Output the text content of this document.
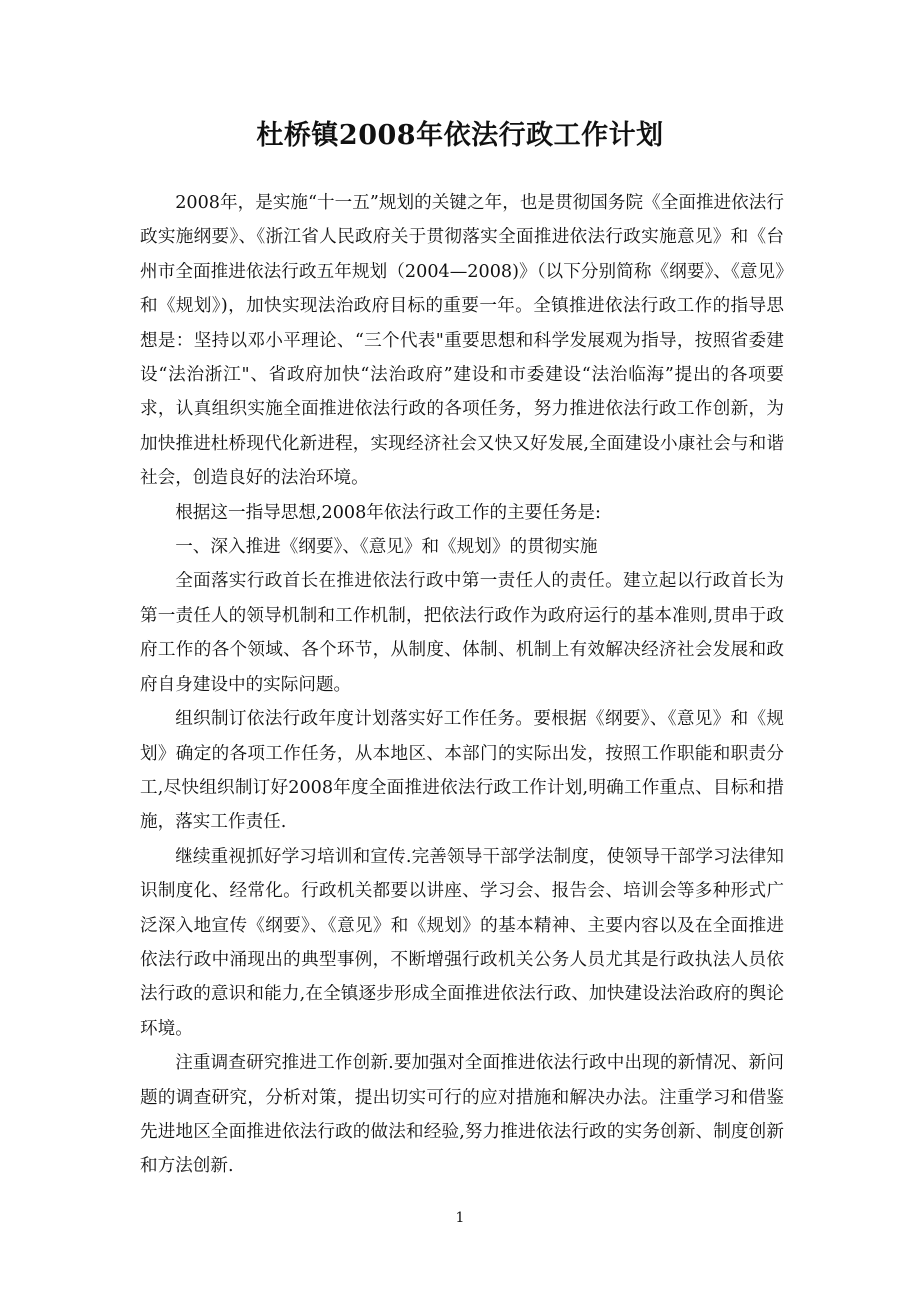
杜桥镇2008年依法行政工作计划

2008年，是实施“十一五”规划的关键之年，也是贯彻国务院《全面推进依法行政实施纲要》、《浙江省人民政府关于贯彻落实全面推进依法行政实施意见》和《台州市全面推进依法行政五年规划（2004—2008)》（以下分别简称《纲要》、《意见》和《规划》)，加快实现法治政府目标的重要一年。全镇推进依法行政工作的指导思想是：坚持以邓小平理论、“三个代表"重要思想和科学发展观为指导，按照省委建设“法治浙江"、省政府加快“法治政府”建设和市委建设“法治临海”提出的各项要求，认真组织实施全面推进依法行政的各项任务，努力推进依法行政工作创新，为加快推进杜桥现代化新进程，实现经济社会又快又好发展,全面建设小康社会与和谐社会，创造良好的法治环境。

根据这一指导思想,2008年依法行政工作的主要任务是:

一、深入推进《纲要》、《意见》和《规划》的贯彻实施

全面落实行政首长在推进依法行政中第一责任人的责任。建立起以行政首长为第一责任人的领导机制和工作机制，把依法行政作为政府运行的基本准则,贯串于政府工作的各个领域、各个环节，从制度、体制、机制上有效解决经济社会发展和政府自身建设中的实际问题。

组织制订依法行政年度计划落实好工作任务。要根据《纲要》、《意见》和《规划》确定的各项工作任务，从本地区、本部门的实际出发，按照工作职能和职责分工,尽快组织制订好2008年度全面推进依法行政工作计划,明确工作重点、目标和措施，落实工作责任.

继续重视抓好学习培训和宣传.完善领导干部学法制度，使领导干部学习法律知识制度化、经常化。行政机关都要以讲座、学习会、报告会、培训会等多种形式广泛深入地宣传《纲要》、《意见》和《规划》的基本精神、主要内容以及在全面推进依法行政中涌现出的典型事例，不断增强行政机关公务人员尤其是行政执法人员依法行政的意识和能力,在全镇逐步形成全面推进依法行政、加快建设法治政府的舆论环境。

注重调查研究推进工作创新.要加强对全面推进依法行政中出现的新情况、新问题的调查研究，分析对策，提出切实可行的应对措施和解决办法。注重学习和借鉴先进地区全面推进依法行政的做法和经验,努力推进依法行政的实务创新、制度创新和方法创新.

1
